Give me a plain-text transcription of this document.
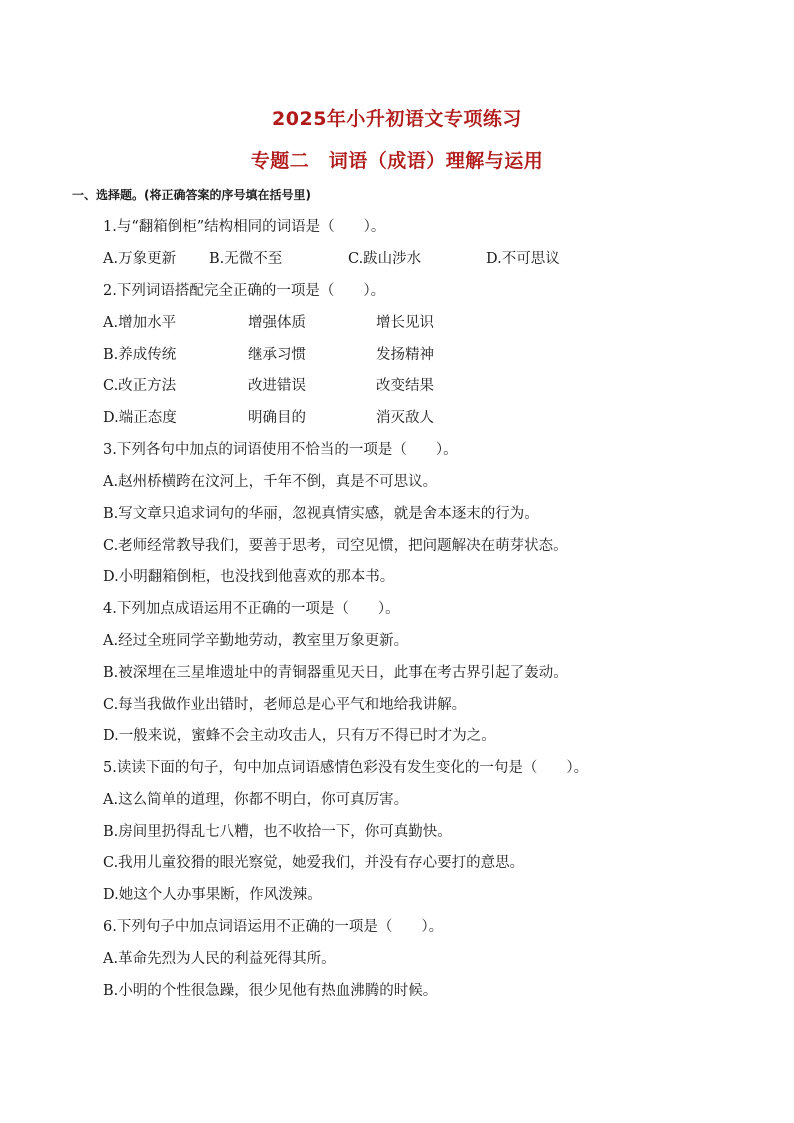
2025年小升初语文专项练习
专题二　词语（成语）理解与运用
一、选择题。(将正确答案的序号填在括号里)
1.与“翻箱倒柜”结构相同的词语是（　　）。
A.万象更新 B.无微不至	C.跋山涉水	D.不可思议
2.下列词语搭配完全正确的一项是（　　）。
A.增加水平	增强体质	增长见识
B.养成传统	继承习惯	发扬精神
C.改正方法	改进错误	改变结果
D.端正态度	明确目的	消灭敌人
3.下列各句中加点的词语使用不恰当的一项是（　　）。
A.赵州桥横跨在汶河上，千年不倒，真是不可思议。
B.写文章只追求词句的华丽，忽视真情实感，就是舍本逐末的行为。
C.老师经常教导我们，要善于思考，司空见惯，把问题解决在萌芽状态。
D.小明翻箱倒柜，也没找到他喜欢的那本书。
4.下列加点成语运用不正确的一项是（　　）。
A.经过全班同学辛勤地劳动，教室里万象更新。
B.被深埋在三星堆遗址中的青铜器重见天日，此事在考古界引起了轰动。
C.每当我做作业出错时，老师总是心平气和地给我讲解。
D.一般来说，蜜蜂不会主动攻击人，只有万不得已时才为之。
5.读读下面的句子，句中加点词语感情色彩没有发生变化的一句是（　　）。
A.这么简单的道理，你都不明白，你可真厉害。
B.房间里扔得乱七八糟，也不收拾一下，你可真勤快。
C.我用儿童狡猾的眼光察觉，她爱我们，并没有存心要打的意思。
D.她这个人办事果断，作风泼辣。
6.下列句子中加点词语运用不正确的一项是（　　）。
A.革命先烈为人民的利益死得其所。
B.小明的个性很急躁，很少见他有热血沸腾的时候。
